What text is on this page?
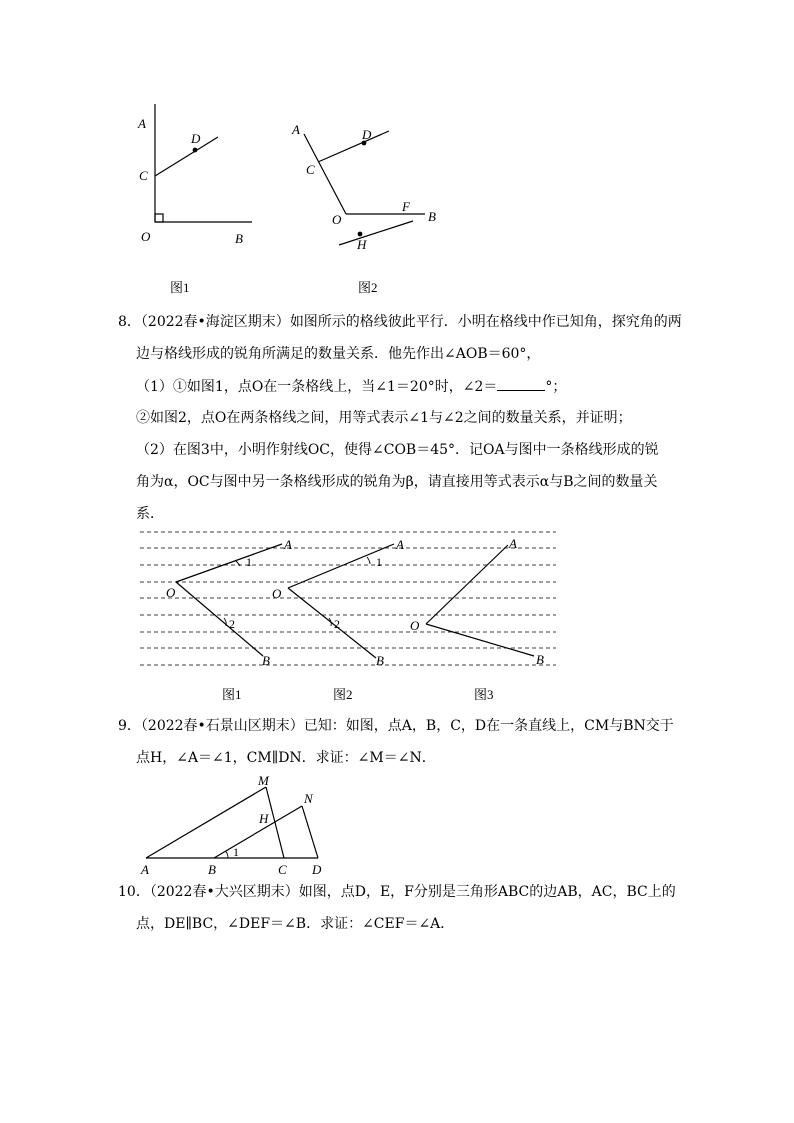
A
D
C
O	B
A	D
C
O
F
B
H
图1	图2
8．（2022春•海淀区期末）如图所示的格线彼此平行．小明在格线中作已知角，探究角的两
边与格线形成的锐角所满足的数量关系．他先作出∠AOB＝60°，
（1）①如图1，点O在一条格线上，当∠1＝20°时，∠2＝	°；
②如图2，点O在两条格线之间，用等式表示∠1与∠2之间的数量关系，并证明；
（2）在图3中，小明作射线OC，使得∠COB＝45°．记OA与图中一条格线形成的锐
角为α，OC与图中另一条格线形成的锐角为β，请直接用等式表示α与B之间的数量关
系．
A
O
B
A
O
B
A
O
B
1
2
1
2
图1	图2	图3
9．（2022春•石景山区期末）已知：如图，点A，B，C，D在一条直线上，CM与BN交于
点H，∠A＝∠1，CM∥DN．求证：∠M＝∠N．
M
N
H
A	B	C D
1
10．（2022春•大兴区期末）如图，点D，E，F分别是三角形ABC的边AB，AC，BC上的
点，DE∥BC，∠DEF＝∠B．求证：∠CEF＝∠A．
